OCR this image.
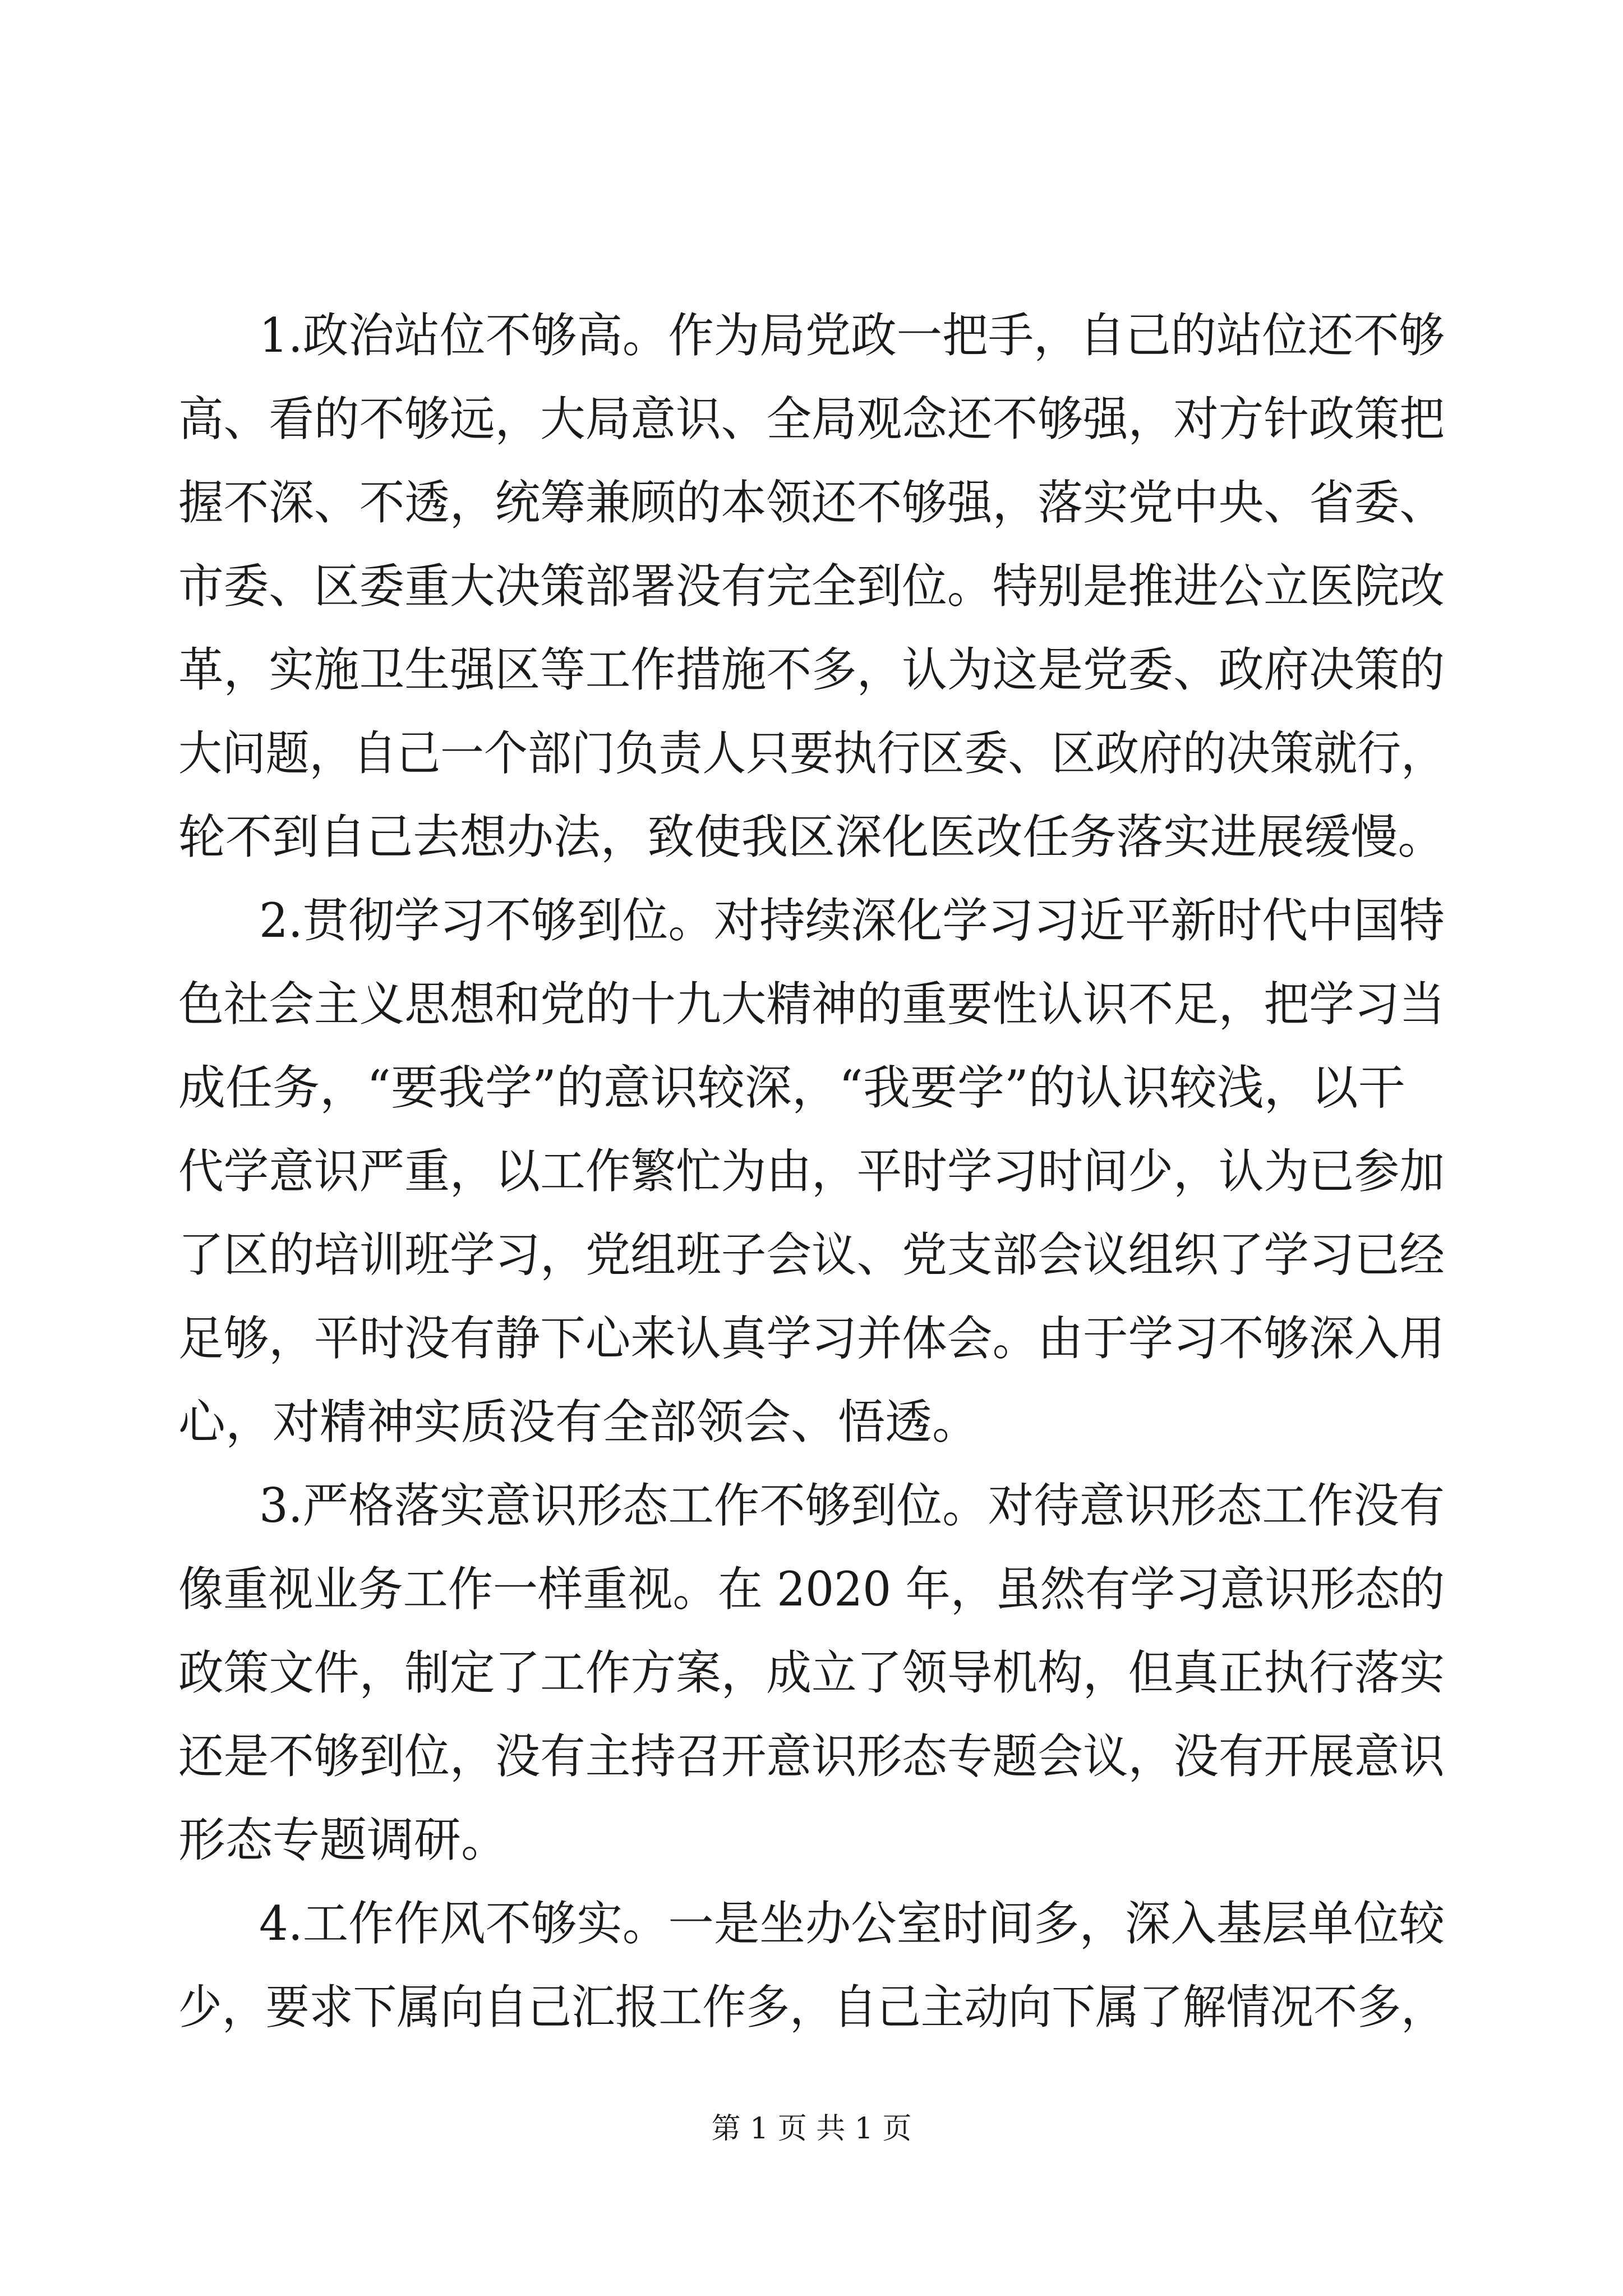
1.政治站位不够高。作为局党政一把手，自己的站位还不够
高、看的不够远，大局意识、全局观念还不够强，对方针政策把
握不深、不透，统筹兼顾的本领还不够强，落实党中央、省委、
市委、区委重大决策部署没有完全到位。特别是推进公立医院改
革，实施卫生强区等工作措施不多，认为这是党委、政府决策的
大问题，自己一个部门负责人只要执行区委、区政府的决策就行，
轮不到自己去想办法，致使我区深化医改任务落实进展缓慢。
2.贯彻学习不够到位。对持续深化学习习近平新时代中国特
色社会主义思想和党的十九大精神的重要性认识不足，把学习当
成任务，“要我学”的意识较深，“我要学”的认识较浅，以干
代学意识严重，以工作繁忙为由，平时学习时间少，认为已参加
了区的培训班学习，党组班子会议、党支部会议组织了学习已经
足够，平时没有静下心来认真学习并体会。由于学习不够深入用
心，对精神实质没有全部领会、悟透。
3.严格落实意识形态工作不够到位。对待意识形态工作没有
像重视业务工作一样重视。在 2020 年，虽然有学习意识形态的
政策文件，制定了工作方案，成立了领导机构，但真正执行落实
还是不够到位，没有主持召开意识形态专题会议，没有开展意识
形态专题调研。
4.工作作风不够实。一是坐办公室时间多，深入基层单位较
少，要求下属向自己汇报工作多，自己主动向下属了解情况不多，
第 1 页 共 1 页
